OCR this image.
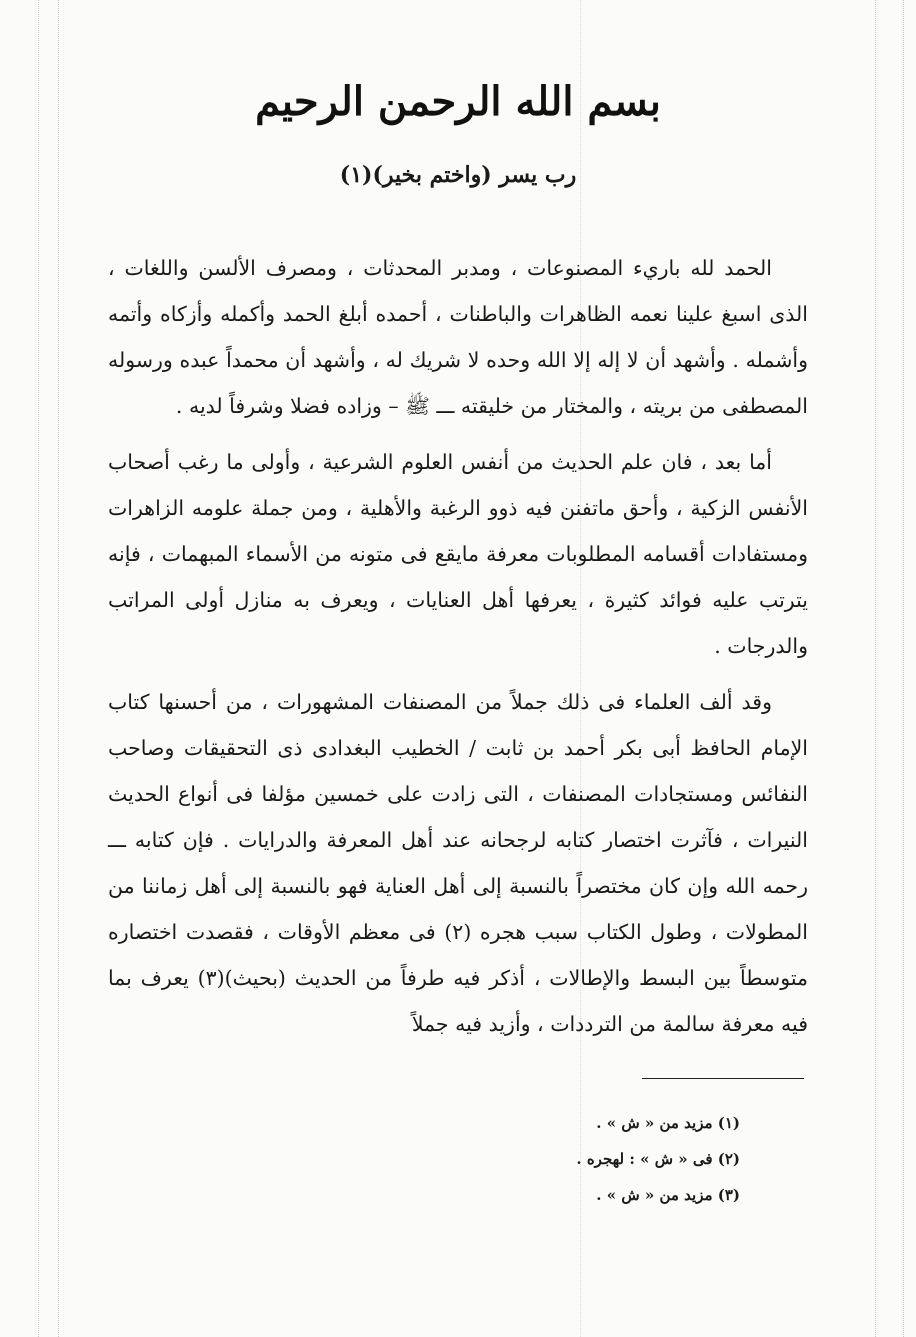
بسم الله الرحمن الرحيم
رب يسر (واختم بخير)(١)

الحمد لله باريء المصنوعات ، ومدبر المحدثات ، ومصرف الألسن واللغات ، الذى اسبغ علينا نعمه الظاهرات والباطنات ، أحمده أبلغ الحمد وأكمله وأزكاه وأتمه وأشمله . وأشهد أن لا إله إلا الله وحده لا شريك له ، وأشهد أن محمداً عبده ورسوله المصطفى من بريته ، والمختار من خليقته ـــ ﷺ – وزاده فضلا وشرفاً لديه .

أما بعد ، فان علم الحديث من أنفس العلوم الشرعية ، وأولى ما رغب أصحاب الأنفس الزكية ، وأحق ماتفنن فيه ذوو الرغبة والأهلية ، ومن جملة علومه الزاهرات ومستفادات أقسامه المطلوبات معرفة مايقع فى متونه من الأسماء المبهمات ، فإنه يترتب عليه فوائد كثيرة ، يعرفها أهل العنايات ، ويعرف به منازل أولى المراتب والدرجات .

وقد ألف العلماء فى ذلك جملاً من المصنفات المشهورات ، من أحسنها كتاب الإمام الحافظ أبى بكر أحمد بن ثابت / الخطيب البغدادى ذى التحقيقات وصاحب النفائس ومستجادات المصنفات ، التى زادت على خمسين مؤلفا فى أنواع الحديث النيرات ، فآثرت اختصار كتابه لرجحانه عند أهل المعرفة والدرايات . فإن كتابه ـــ رحمه الله وإن كان مختصراً بالنسبة إلى أهل العناية فهو بالنسبة إلى أهل زماننا من المطولات ، وطول الكتاب سبب هجره (٢) فى معظم الأوقات ، فقصدت اختصاره متوسطاً بين البسط والإطالات ، أذكر فيه طرفاً من الحديث (بحيث)(٣) يعرف بما فيه معرفة سالمة من الترددات ، وأزيد فيه جملاً

(١) مزيد من « ش » .
(٢) فى « ش » : لهجره .
(٣) مزيد من « ش » .
